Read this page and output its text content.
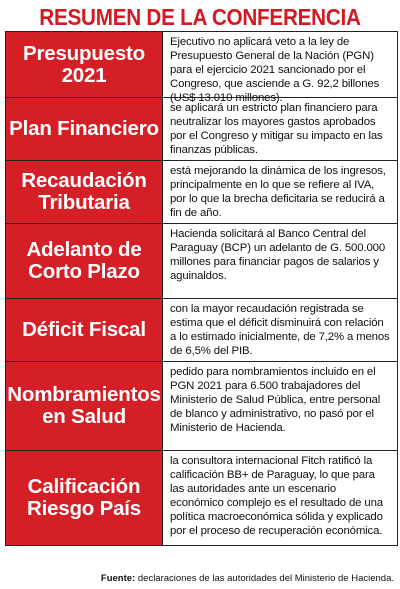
RESUMEN DE LA CONFERENCIA
Presupuesto 2021
Ejecutivo no aplicará veto a la ley de Presupuesto General de la Nación (PGN) para el ejercicio 2021 sancionado por el Congreso, que asciende a G. 92,2 billones (US$ 13.010 millones).
Plan Financiero
se aplicará un estricto plan financiero para neutralizar los mayores gastos aprobados por el Congreso y mitigar su impacto en las finanzas públicas.
Recaudación Tributaria
está mejorando la dinámica de los ingresos, principalmente en lo que se refiere al IVA, por lo que la brecha deficitaria se reducirá a fin de año.
Adelanto de Corto Plazo
Hacienda solicitará al Banco Central del Paraguay (BCP) un adelanto de G. 500.000 millones para financiar pagos de salarios y aguinaldos.
Déficit Fiscal
con la mayor recaudación registrada se estima que el déficit disminuirá con relación a lo estimado inicialmente, de 7,2% a menos de 6,5% del PIB.
Nombramientos en Salud
pedido para nombramientos incluido en el PGN 2021 para 6.500 trabajadores del Ministerio de Salud Pública, entre personal de blanco y administrativo, no pasó por el Ministerio de Hacienda.
Calificación Riesgo País
la consultora internacional Fitch ratificó la calificación BB+ de Paraguay, lo que para las autoridades ante un escenario económico complejo es el resultado de una política macroeconómica sólida y explicado por el proceso de recuperación económica.
Fuente: declaraciones de las autoridades del Ministerio de Hacienda.
